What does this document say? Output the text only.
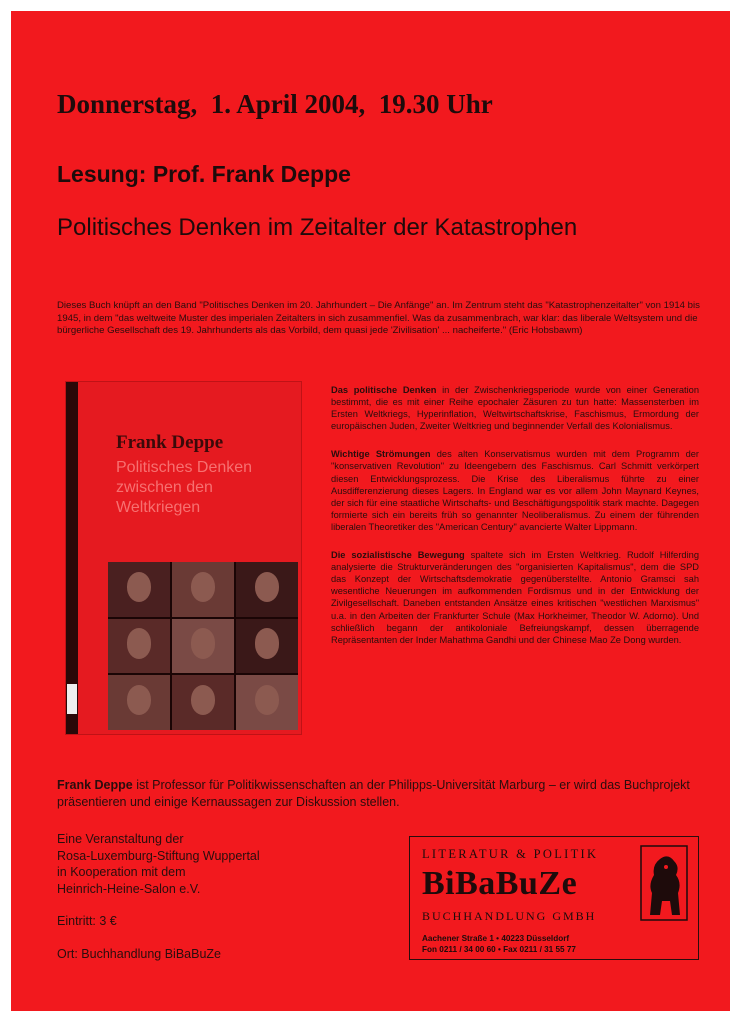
Donnerstag,  1. April 2004,  19.30 Uhr
Lesung: Prof. Frank Deppe
Politisches Denken im Zeitalter der Katastrophen
Dieses Buch knüpft an den Band "Politisches Denken im 20. Jahrhundert – Die Anfänge" an. Im Zentrum steht das "Katastrophenzeitalter" von 1914 bis 1945, in dem "das weltweite Muster des imperialen Zeitalters in sich zusammenfiel. Was da zusammenbrach, war klar: das liberale Weltsystem und die bürgerliche Gesellschaft des 19. Jahrhunderts als das Vorbild, dem quasi jede 'Zivilisation' ... nacheiferte." (Eric Hobsbawm)
Frank Deppe
Politisches Denken zwischen den Weltkriegen

Das politische Denken in der Zwischenkriegsperiode wurde von einer Generation bestimmt, die es mit einer Reihe epochaler Zäsuren zu tun hatte: Massensterben im Ersten Weltkriegs, Hyperinflation, Weltwirtschaftskrise, Faschismus, Ermordung der europäischen Juden, Zweiter Weltkrieg und beginnender Verfall des Kolonialismus.

Wichtige Strömungen des alten Konservatismus wurden mit dem Programm der "konservativen Revolution" zu Ideengebern des Faschismus. Carl Schmitt verkörpert diesen Entwicklungsprozess. Die Krise des Liberalismus führte zu einer Ausdifferenzierung dieses Lagers. In England war es vor allem John Maynard Keynes, der sich für eine staatliche Wirtschafts- und Beschäftigungspolitik stark machte. Dagegen formierte sich ein bereits früh so genannter Neoliberalismus. Zu einem der führenden liberalen Theoretiker des "American Century" avancierte Walter Lippmann.

Die sozialistische Bewegung spaltete sich im Ersten Weltkrieg. Rudolf Hilferding analysierte die Strukturveränderungen des "organisierten Kapitalismus", dem die SPD das Konzept der Wirtschaftsdemokratie gegenüberstellte. Antonio Gramsci sah wesentliche Neuerungen im aufkommenden Fordismus und in der Entwicklung der Zivilgesellschaft. Daneben entstanden Ansätze eines kritischen "westlichen Marxismus" u.a. in den Arbeiten der Frankfurter Schule (Max Horkheimer, Theodor W. Adorno). Und schließlich begann der antikoloniale Befreiungskampf, dessen überragende Repräsentanten der Inder Mahathma Gandhi und der Chinese Mao Ze Dong wurden.

Frank Deppe ist Professor für Politikwissenschaften an der Philipps-Universität Marburg – er wird das Buchprojekt präsentieren und einige Kernaussagen zur Diskussion stellen.
Eine Veranstaltung der
Rosa-Luxemburg-Stiftung Wuppertal
in Kooperation mit dem
Heinrich-Heine-Salon e.V.
Eintritt: 3 €
Ort: Buchhandlung BiBaBuZe
LITERATUR & POLITIK
BiBaBuZe
BUCHHANDLUNG GMBH
Aachener Straße 1 • 40223 Düsseldorf
Fon 0211 / 34 00 60 • Fax 0211 / 31 55 77
